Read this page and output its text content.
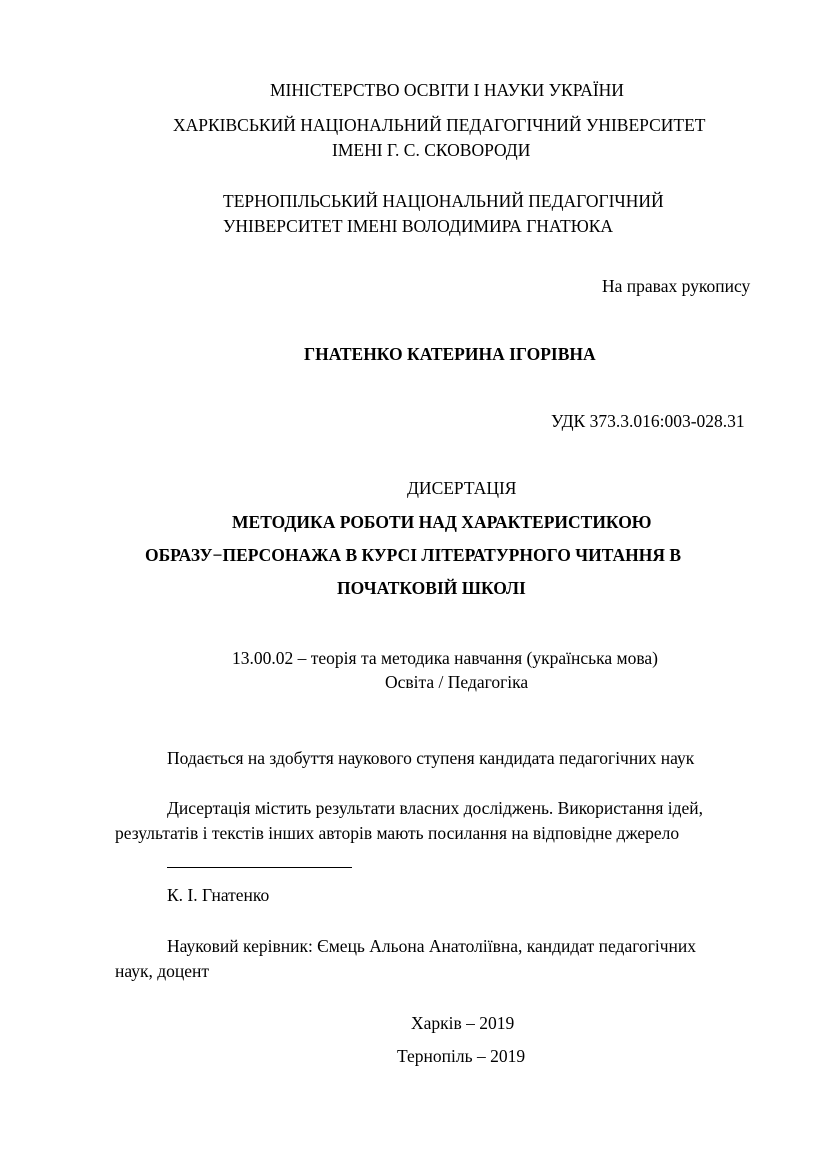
МІНІСТЕРСТВО ОСВІТИ І НАУКИ УКРАЇНИ
ХАРКІВСЬКИЙ НАЦІОНАЛЬНИЙ ПЕДАГОГІЧНИЙ УНІВЕРСИТЕТ
ІМЕНІ Г. С. СКОВОРОДИ
ТЕРНОПІЛЬСЬКИЙ НАЦІОНАЛЬНИЙ ПЕДАГОГІЧНИЙ
УНІВЕРСИТЕТ ІМЕНІ ВОЛОДИМИРА ГНАТЮКА
На правах рукопису
ГНАТЕНКО КАТЕРИНА ІГОРІВНА
УДК 373.3.016:003-028.31
ДИСЕРТАЦІЯ
МЕТОДИКА РОБОТИ НАД ХАРАКТЕРИСТИКОЮ
ОБРАЗУ−ПЕРСОНАЖА В КУРСІ ЛІТЕРАТУРНОГО ЧИТАННЯ В
ПОЧАТКОВІЙ ШКОЛІ
13.00.02 – теорія та методика навчання (українська мова)
Освіта / Педагогіка
Подається на здобуття наукового ступеня кандидата педагогічних наук
Дисертація містить результати власних досліджень. Використання ідей,
результатів і текстів інших авторів мають посилання на відповідне джерело
К. І. Гнатенко
Науковий керівник: Ємець Альона Анатоліївна, кандидат педагогічних
наук, доцент
Харків – 2019
Тернопіль – 2019
